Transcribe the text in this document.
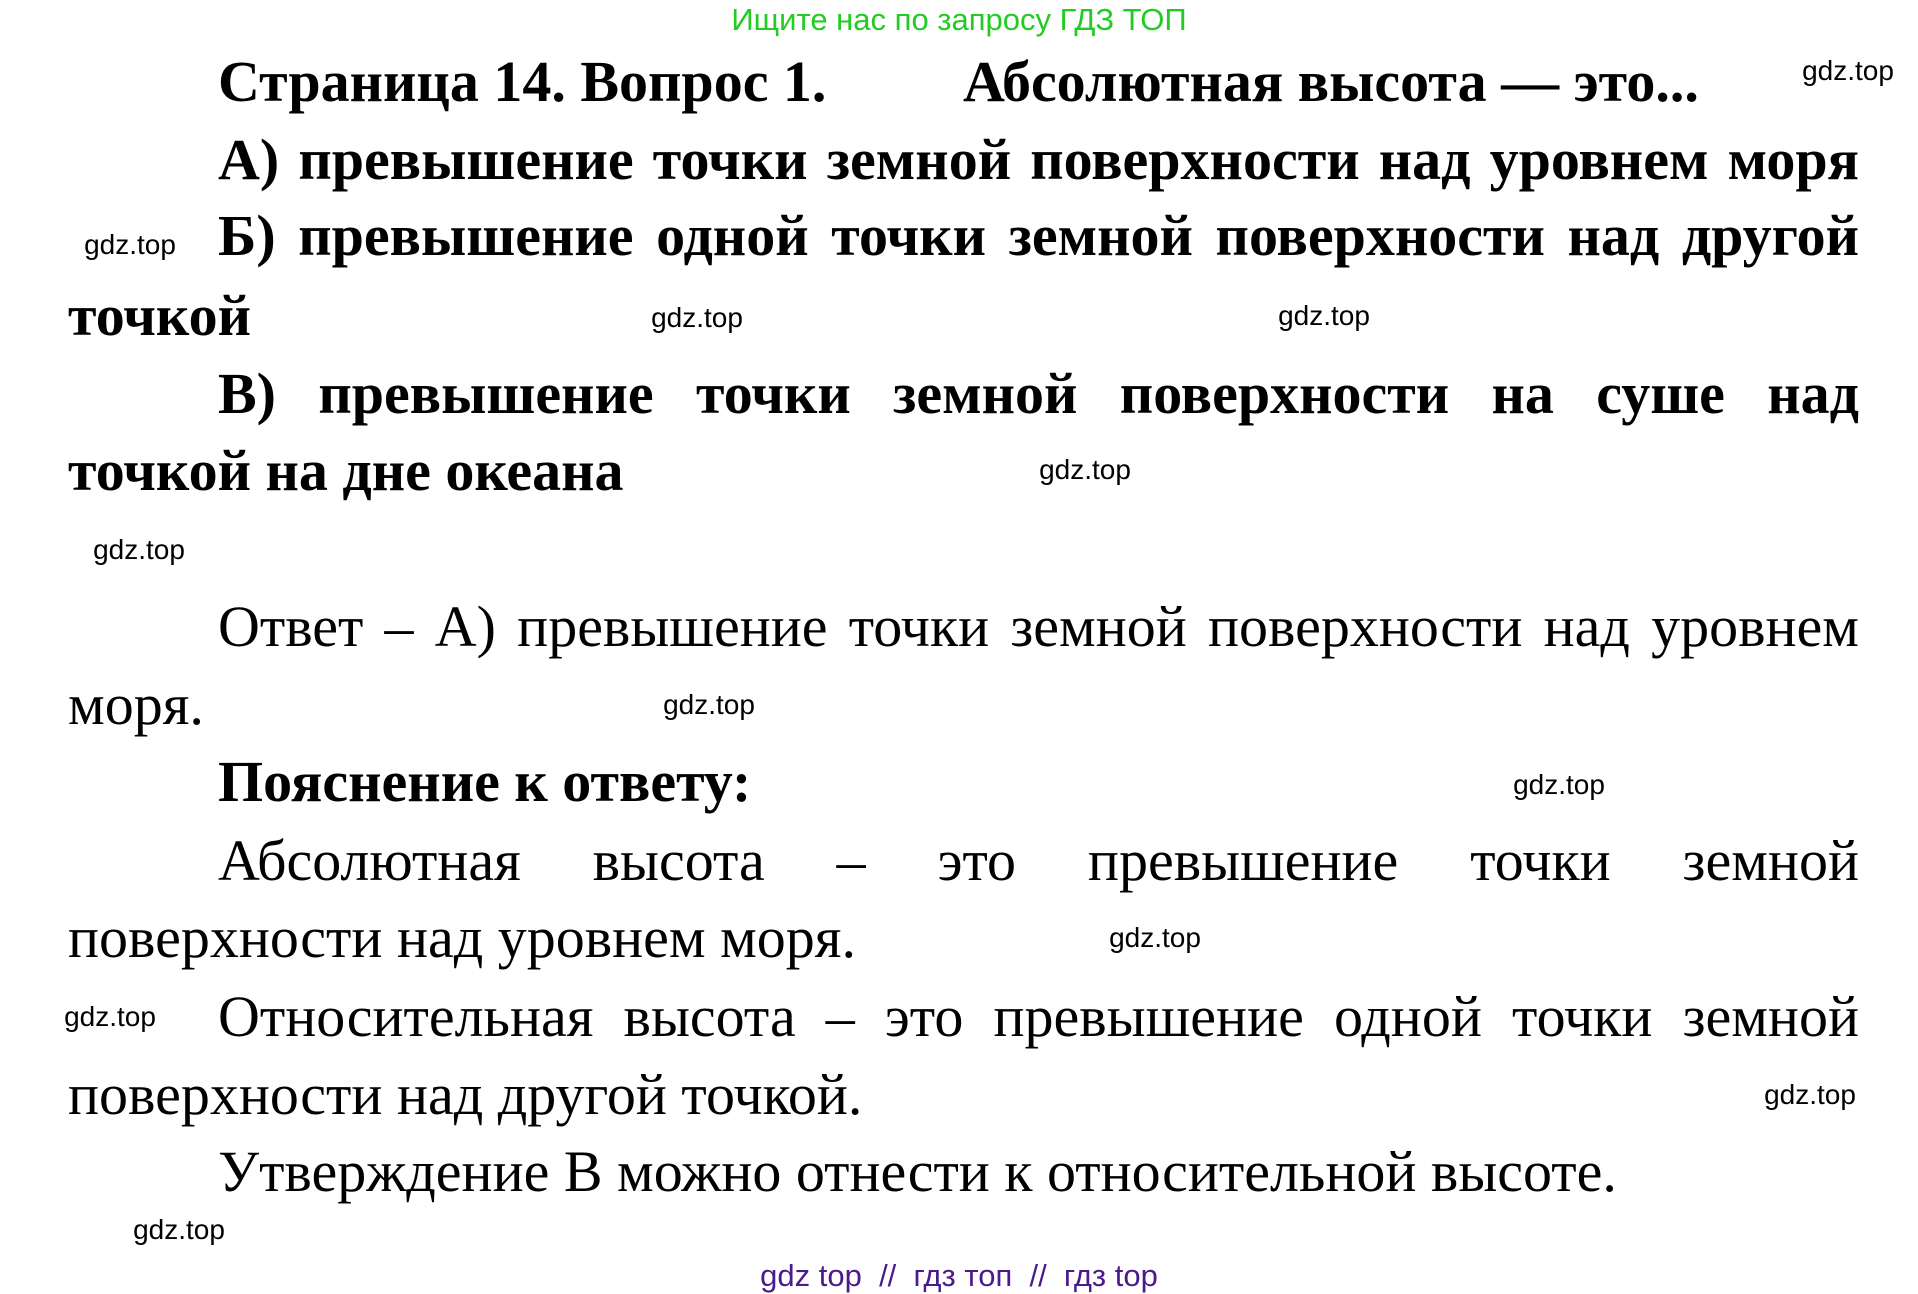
Ищите нас по запросу ГДЗ ТОП
Страница 14. Вопрос 1. Абсолютная высота — это...
А) превышение точки земной поверхности над уровнем моря
Б) превышение одной точки земной поверхности над другой
точкой
В) превышение точки земной поверхности на суше над
точкой на дне океана
Ответ – А) превышение точки земной поверхности над уровнем
моря.
Пояснение к ответу:
Абсолютная высота – это превышение точки земной
поверхности над уровнем моря.
Относительная высота – это превышение одной точки земной
поверхности над другой точкой.
Утверждение В можно отнести к относительной высоте.
gdz.top
gdz.top
gdz.top
gdz.top
gdz.top
gdz.top
gdz.top
gdz.top
gdz.top
gdz.top
gdz.top
gdz.top
gdz top  //  гдз топ  //  гдз top
